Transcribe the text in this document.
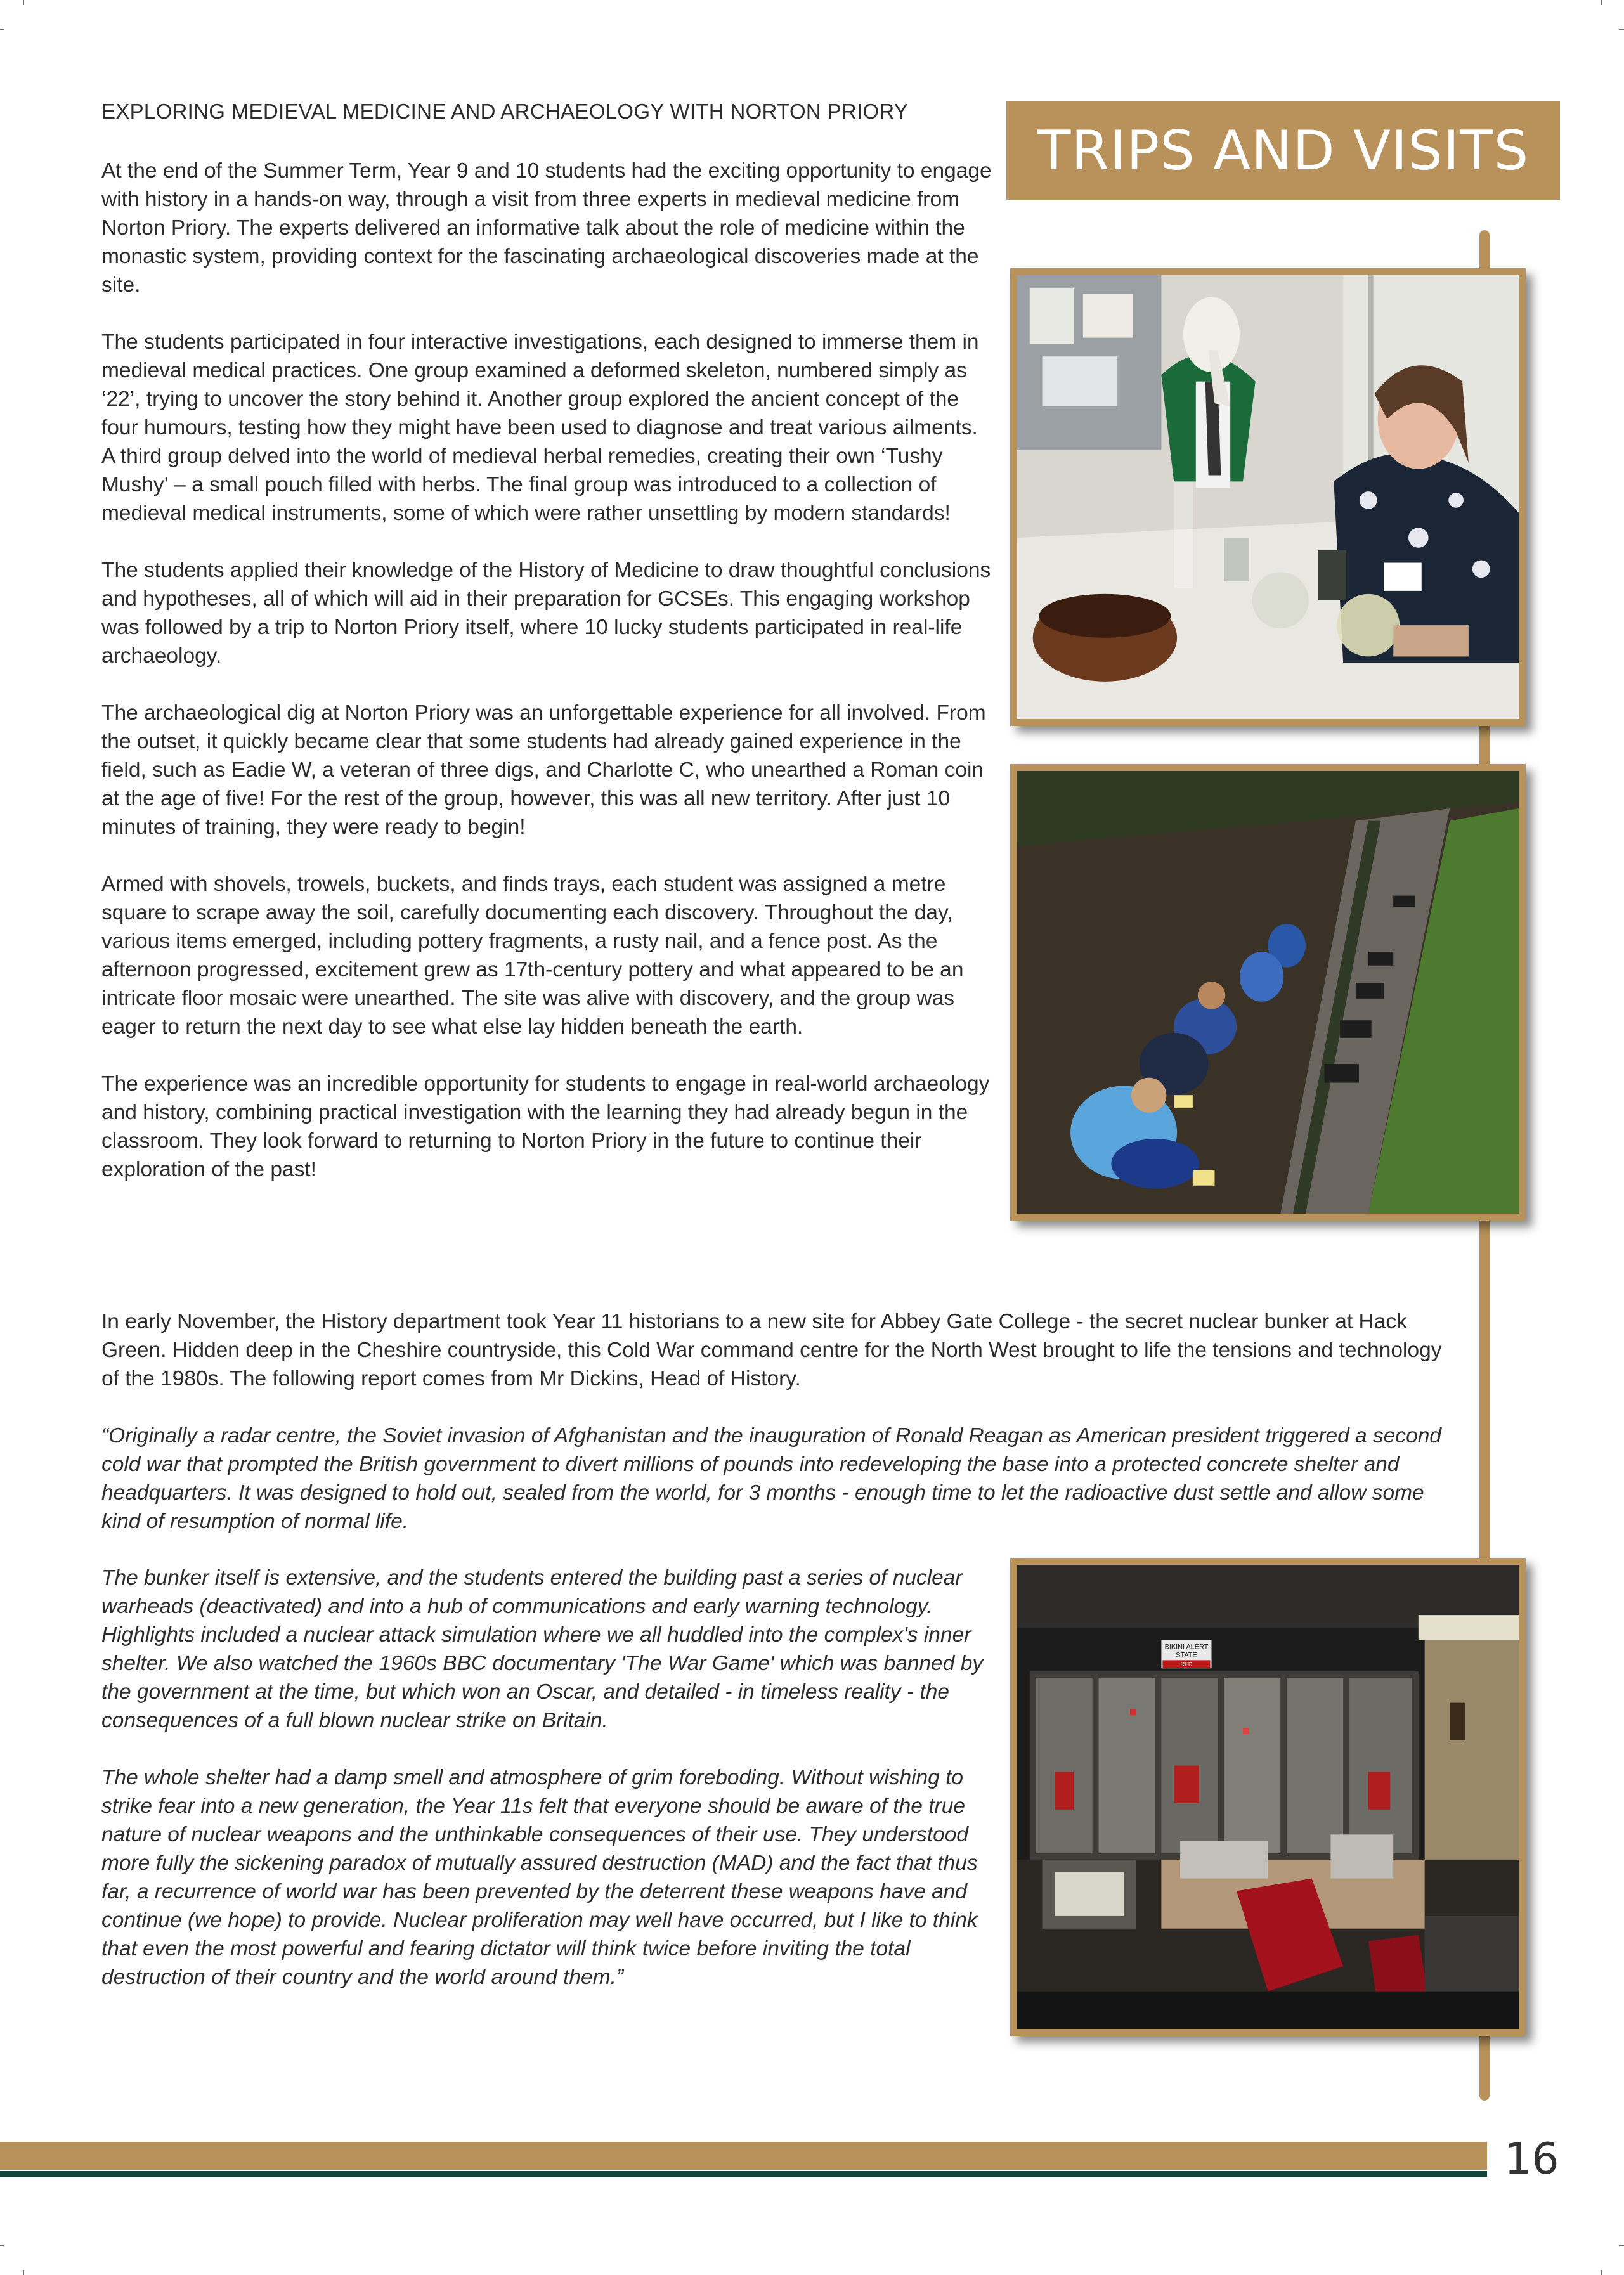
TRIPS AND VISITS
EXPLORING MEDIEVAL MEDICINE AND ARCHAEOLOGY WITH NORTON PRIORY

At the end of the Summer Term, Year 9 and 10 students had the exciting opportunity to engage with history in a hands-on way, through a visit from three experts in medieval medicine from Norton Priory. The experts delivered an informative talk about the role of medicine within the monastic system, providing context for the fascinating archaeological discoveries made at the site.

The students participated in four interactive investigations, each designed to immerse them in medieval medical practices. One group examined a deformed skeleton, numbered simply as ‘22’, trying to uncover the story behind it. Another group explored the ancient concept of the four humours, testing how they might have been used to diagnose and treat various ailments. A third group delved into the world of medieval herbal remedies, creating their own ‘Tushy Mushy’ – a small pouch filled with herbs. The final group was introduced to a collection of medieval medical instruments, some of which were rather unsettling by modern standards!

The students applied their knowledge of the History of Medicine to draw thoughtful conclusions and hypotheses, all of which will aid in their preparation for GCSEs. This engaging workshop was followed by a trip to Norton Priory itself, where 10 lucky students participated in real-life archaeology.

The archaeological dig at Norton Priory was an unforgettable experience for all involved. From the outset, it quickly became clear that some students had already gained experience in the field, such as Eadie W, a veteran of three digs, and Charlotte C, who unearthed a Roman coin at the age of five! For the rest of the group, however, this was all new territory. After just 10 minutes of training, they were ready to begin!

Armed with shovels, trowels, buckets, and finds trays, each student was assigned a metre square to scrape away the soil, carefully documenting each discovery. Throughout the day, various items emerged, including pottery fragments, a rusty nail, and a fence post. As the afternoon progressed, excitement grew as 17th-century pottery and what appeared to be an intricate floor mosaic were unearthed. The site was alive with discovery, and the group was eager to return the next day to see what else lay hidden beneath the earth.

The experience was an incredible opportunity for students to engage in real-world archaeology and history, combining practical investigation with the learning they had already begun in the classroom. They look forward to returning to Norton Priory in the future to continue their exploration of the past!

In early November, the History department took Year 11 historians to a new site for Abbey Gate College - the secret nuclear bunker at Hack Green. Hidden deep in the Cheshire countryside, this Cold War command centre for the North West brought to life the tensions and technology of the 1980s. The following report comes from Mr Dickins, Head of History.

“Originally a radar centre, the Soviet invasion of Afghanistan and the inauguration of Ronald Reagan as American president triggered a second cold war that prompted the British government to divert millions of pounds into redeveloping the base into a protected concrete shelter and headquarters. It was designed to hold out, sealed from the world, for 3 months - enough time to let the radioactive dust settle and allow some kind of resumption of normal life.

The bunker itself is extensive, and the students entered the building past a series of nuclear warheads (deactivated) and into a hub of communications and early warning technology. Highlights included a nuclear attack simulation where we all huddled into the complex's inner shelter. We also watched the 1960s BBC documentary 'The War Game' which was banned by the government at the time, but which won an Oscar, and detailed - in timeless reality - the consequences of a full blown nuclear strike on Britain.

The whole shelter had a damp smell and atmosphere of grim foreboding. Without wishing to strike fear into a new generation, the Year 11s felt that everyone should be aware of the true nature of nuclear weapons and the unthinkable consequences of their use. They understood more fully the sickening paradox of mutually assured destruction (MAD) and the fact that thus far, a recurrence of world war has been prevented by the deterrent these weapons have and continue (we hope) to provide. Nuclear proliferation may well have occurred, but I like to think that even the most powerful and fearing dictator will think twice before inviting the total destruction of their country and the world around them.”

BIKINI ALERT
STATE
RED
16
